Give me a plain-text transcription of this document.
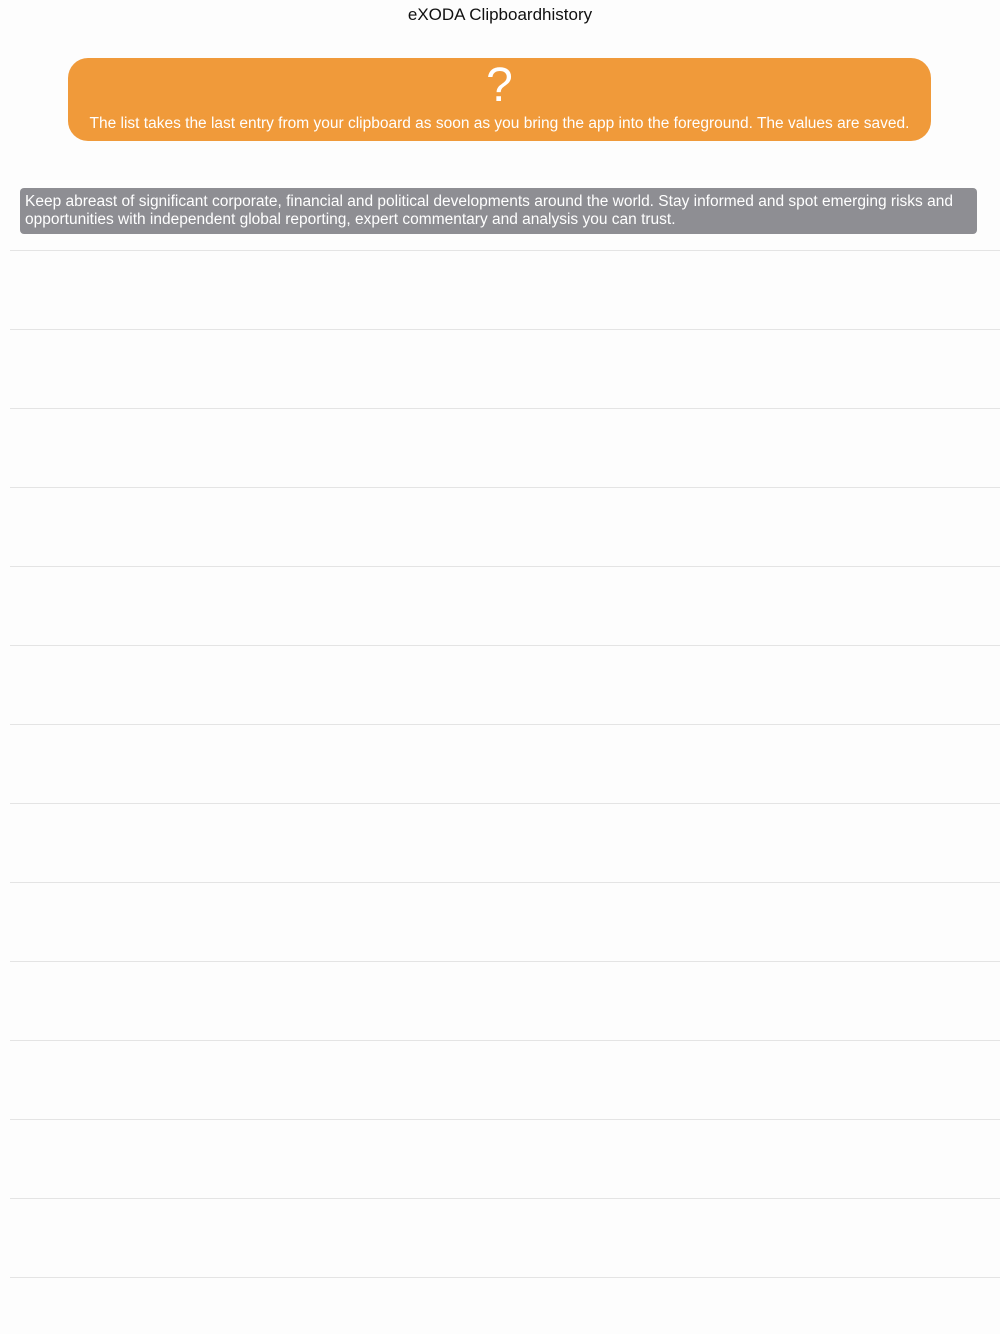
eXODA Clipboardhistory
?
The list takes the last entry from your clipboard as soon as you bring the app into the foreground. The values are saved.
Keep abreast of significant corporate, financial and political developments around the world. Stay informed and spot emerging risks and opportunities with independent global reporting, expert commentary and analysis you can trust.
